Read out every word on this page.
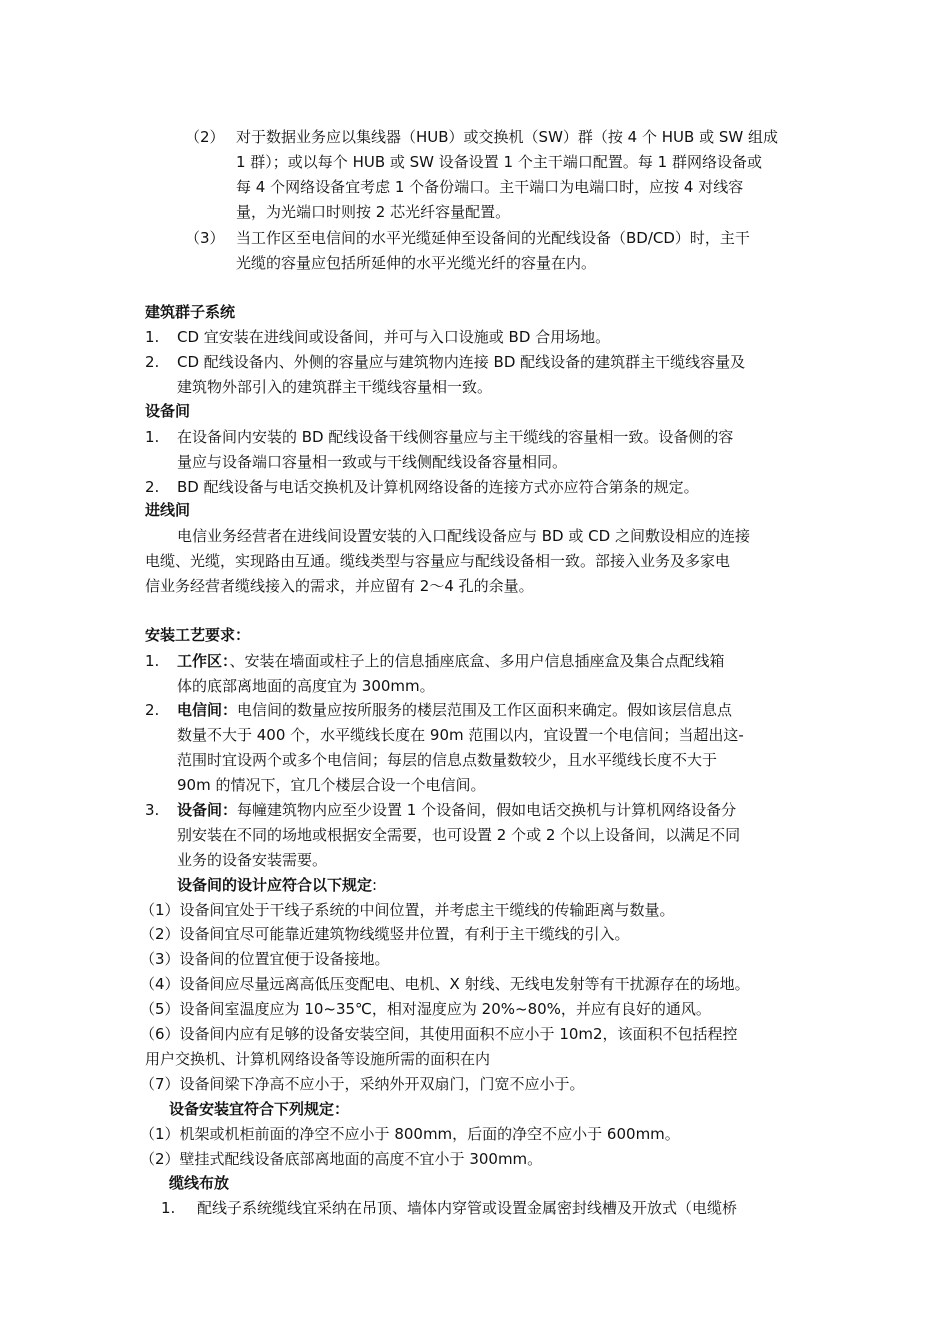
（2） 对于数据业务应以集线器（HUB）或交换机（SW）群（按 4 个 HUB 或 SW 组成
1 群）；或以每个 HUB 或 SW 设备设置 1 个主干端口配置。每 1 群网络设备或
每 4 个网络设备宜考虑 1 个备份端口。主干端口为电端口时，应按 4 对线容
量，为光端口时则按 2 芯光纤容量配置。
（3） 当工作区至电信间的水平光缆延伸至设备间的光配线设备（BD/CD）时，主干
光缆的容量应包括所延伸的水平光缆光纤的容量在内。
建筑群子系统
1. CD 宜安装在进线间或设备间，并可与入口设施或 BD 合用场地。
2. CD 配线设备内、外侧的容量应与建筑物内连接 BD 配线设备的建筑群主干缆线容量及
建筑物外部引入的建筑群主干缆线容量相一致。
设备间
1. 在设备间内安装的 BD 配线设备干线侧容量应与主干缆线的容量相一致。设备侧的容
量应与设备端口容量相一致或与干线侧配线设备容量相同。
2. BD 配线设备与电话交换机及计算机网络设备的连接方式亦应符合第条的规定。
进线间
电信业务经营者在进线间设置安装的入口配线设备应与 BD 或 CD 之间敷设相应的连接
电缆、光缆，实现路由互通。缆线类型与容量应与配线设备相一致。部接入业务及多家电
信业务经营者缆线接入的需求，并应留有 2～4 孔的余量。
安装工艺要求：
1. 工作区：、安装在墙面或柱子上的信息插座底盒、多用户信息插座盒及集合点配线箱
体的底部离地面的高度宜为 300mm。
2. 电信间：电信间的数量应按所服务的楼层范围及工作区面积来确定。假如该层信息点
数量不大于 400 个，水平缆线长度在 90m 范围以内，宜设置一个电信间；当超出这-
范围时宜设两个或多个电信间；每层的信息点数量数较少，且水平缆线长度不大于
90m 的情况下，宜几个楼层合设一个电信间。
3. 设备间：每幢建筑物内应至少设置 1 个设备间，假如电话交换机与计算机网络设备分
别安装在不同的场地或根据安全需要，也可设置 2 个或 2 个以上设备间，以满足不同
业务的设备安装需要。
设备间的设计应符合以下规定:
（1）设备间宜处于干线子系统的中间位置，并考虑主干缆线的传输距离与数量。
（2）设备间宜尽可能靠近建筑物线缆竖井位置，有利于主干缆线的引入。
（3）设备间的位置宜便于设备接地。
（4）设备间应尽量远离高低压变配电、电机、X 射线、无线电发射等有干扰源存在的场地。
（5）设备间室温度应为 10~35℃，相对湿度应为 20%~80%，并应有良好的通风。
（6）设备间内应有足够的设备安装空间，其使用面积不应小于 10m2，该面积不包括程控
用户交换机、计算机网络设备等设施所需的面积在内
（7）设备间梁下净高不应小于，采纳外开双扇门，门宽不应小于。
设备安装宜符合下列规定：
（1）机架或机柜前面的净空不应小于 800mm，后面的净空不应小于 600mm。
（2）壁挂式配线设备底部离地面的高度不宜小于 300mm。
缆线布放
1. 配线子系统缆线宜采纳在吊顶、墙体内穿管或设置金属密封线槽及开放式（电缆桥
